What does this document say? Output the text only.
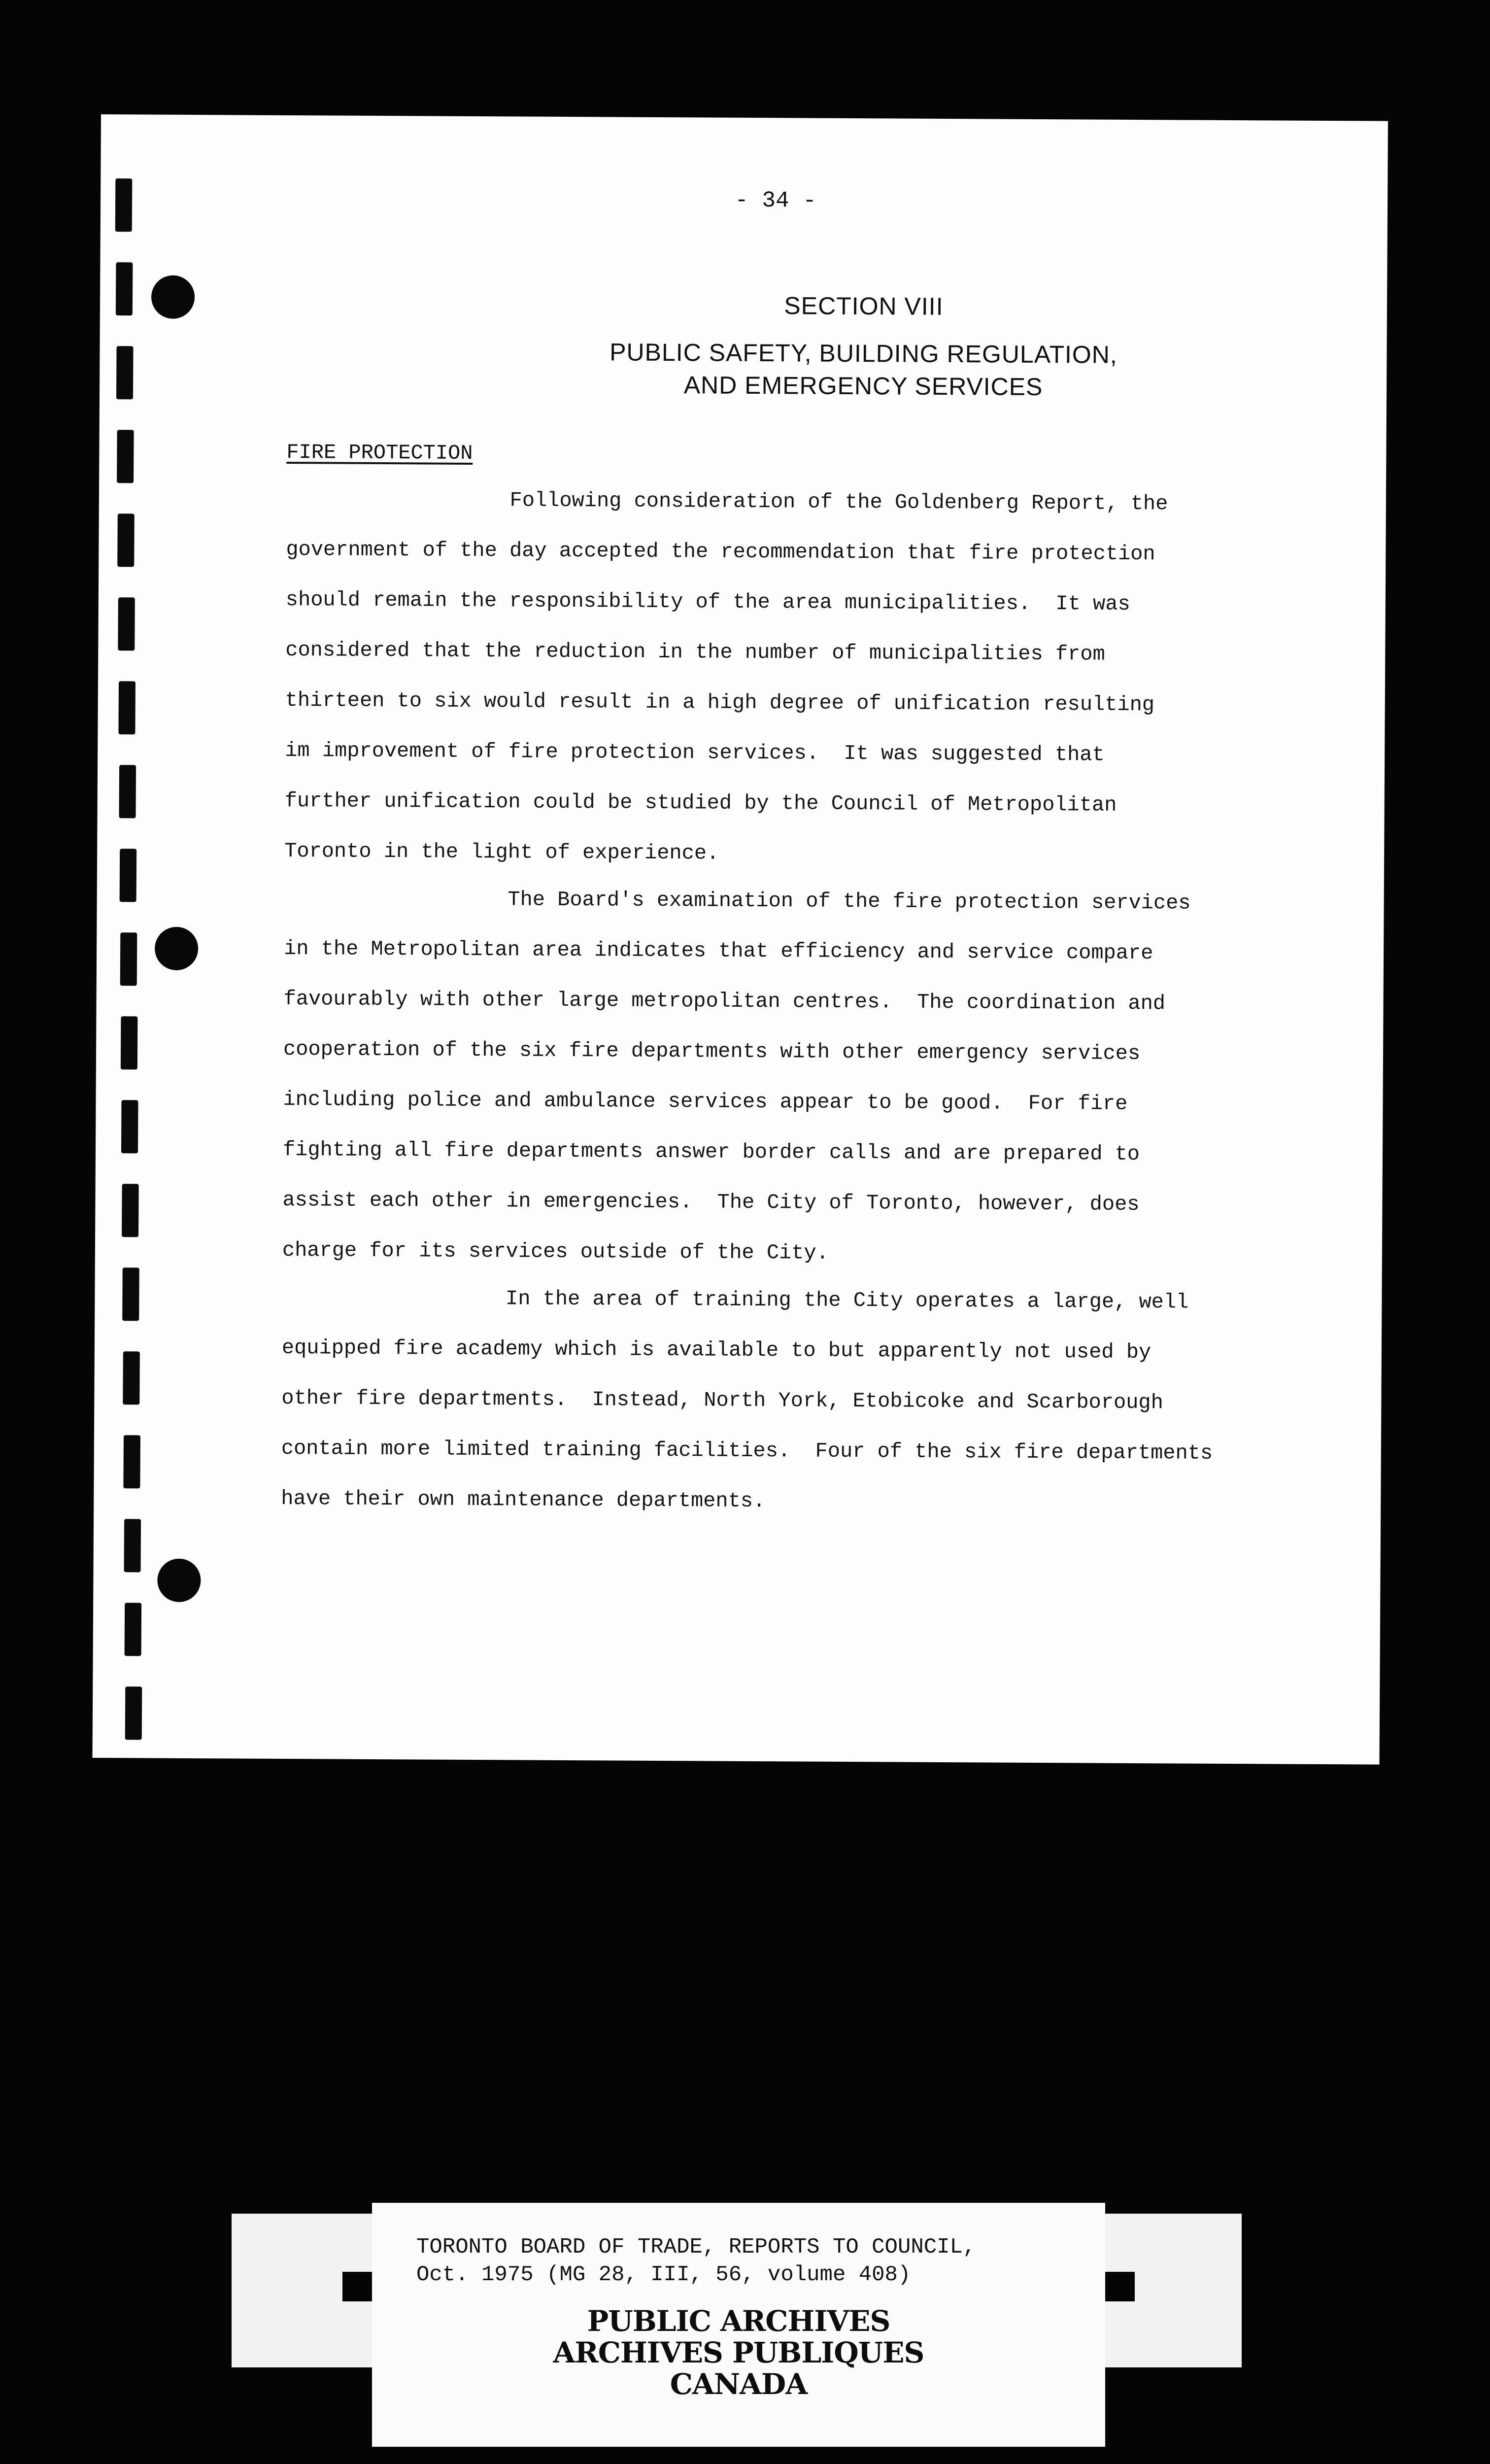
- 34 -
SECTION VIII
PUBLIC SAFETY, BUILDING REGULATION,
AND EMERGENCY SERVICES
FIRE PROTECTION
Following consideration of the Goldenberg Report, the
government of the day accepted the recommendation that fire protection
should remain the responsibility of the area municipalities.  It was
considered that the reduction in the number of municipalities from
thirteen to six would result in a high degree of unification resulting
im improvement of fire protection services.  It was suggested that
further unification could be studied by the Council of Metropolitan
Toronto in the light of experience.
The Board's examination of the fire protection services
in the Metropolitan area indicates that efficiency and service compare
favourably with other large metropolitan centres.  The coordination and
cooperation of the six fire departments with other emergency services
including police and ambulance services appear to be good.  For fire
fighting all fire departments answer border calls and are prepared to
assist each other in emergencies.  The City of Toronto, however, does
charge for its services outside of the City.
In the area of training the City operates a large, well
equipped fire academy which is available to but apparently not used by
other fire departments.  Instead, North York, Etobicoke and Scarborough
contain more limited training facilities.  Four of the six fire departments
have their own maintenance departments.
TORONTO BOARD OF TRADE, REPORTS TO COUNCIL,
Oct. 1975 (MG 28, III, 56, volume 408)
PUBLIC ARCHIVES
ARCHIVES PUBLIQUES
CANADA
